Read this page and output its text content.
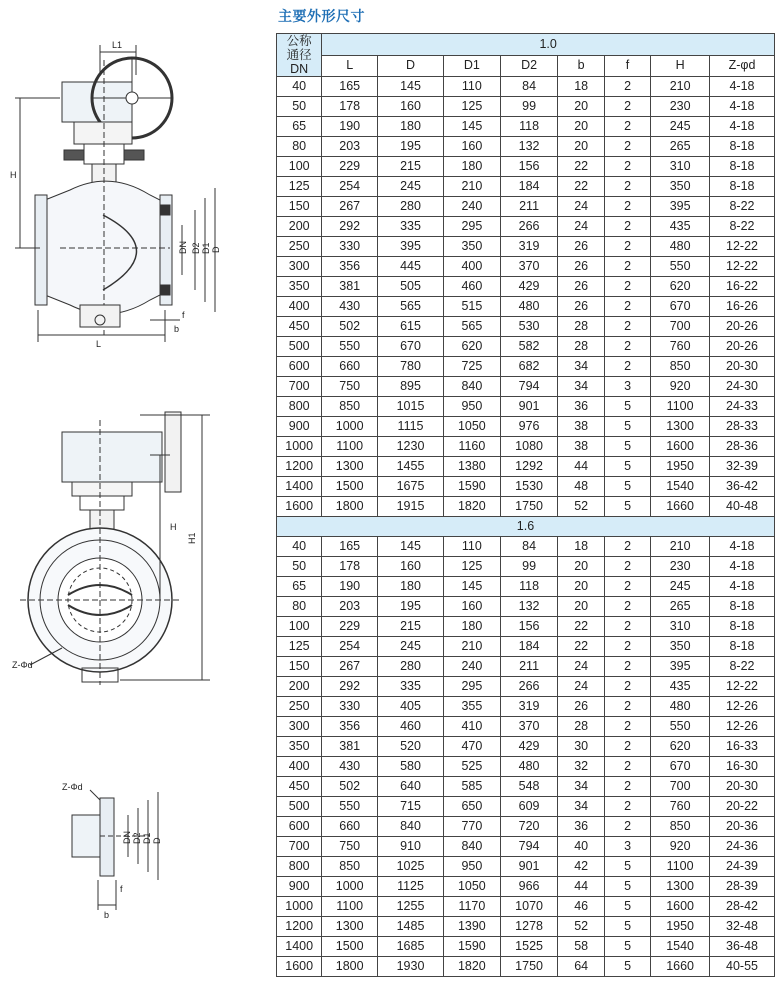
主要外形尺寸
L1
H
DN D2 D1 D
f
b
L
H
H1
Z-Φd
Z-Φd
DN D2 D1 D
f
b
公称
通径
DN	1.0							
	L	D	D1	D2	b	f	H	Z-φd
40	165	145	110	84	18	2	210	4-18
50	178	160	125	99	20	2	230	4-18
65	190	180	145	118	20	2	245	4-18
80	203	195	160	132	20	2	265	8-18
100	229	215	180	156	22	2	310	8-18
125	254	245	210	184	22	2	350	8-18
150	267	280	240	211	24	2	395	8-22
200	292	335	295	266	24	2	435	8-22
250	330	395	350	319	26	2	480	12-22
300	356	445	400	370	26	2	550	12-22
350	381	505	460	429	26	2	620	16-22
400	430	565	515	480	26	2	670	16-26
450	502	615	565	530	28	2	700	20-26
500	550	670	620	582	28	2	760	20-26
600	660	780	725	682	34	2	850	20-30
700	750	895	840	794	34	3	920	24-30
800	850	1015	950	901	36	5	1100	24-33
900	1000	1115	1050	976	38	5	1300	28-33
1000	1100	1230	1160	1080	38	5	1600	28-36
1200	1300	1455	1380	1292	44	5	1950	32-39
1400	1500	1675	1590	1530	48	5	1540	36-42
1600	1800	1915	1820	1750	52	5	1660	40-48
1.6								
40	165	145	110	84	18	2	210	4-18
50	178	160	125	99	20	2	230	4-18
65	190	180	145	118	20	2	245	4-18
80	203	195	160	132	20	2	265	8-18
100	229	215	180	156	22	2	310	8-18
125	254	245	210	184	22	2	350	8-18
150	267	280	240	211	24	2	395	8-22
200	292	335	295	266	24	2	435	12-22
250	330	405	355	319	26	2	480	12-26
300	356	460	410	370	28	2	550	12-26
350	381	520	470	429	30	2	620	16-33
400	430	580	525	480	32	2	670	16-30
450	502	640	585	548	34	2	700	20-30
500	550	715	650	609	34	2	760	20-22
600	660	840	770	720	36	2	850	20-36
700	750	910	840	794	40	3	920	24-36
800	850	1025	950	901	42	5	1100	24-39
900	1000	1125	1050	966	44	5	1300	28-39
1000	1100	1255	1170	1070	46	5	1600	28-42
1200	1300	1485	1390	1278	52	5	1950	32-48
1400	1500	1685	1590	1525	58	5	1540	36-48
1600	1800	1930	1820	1750	64	5	1660	40-55
